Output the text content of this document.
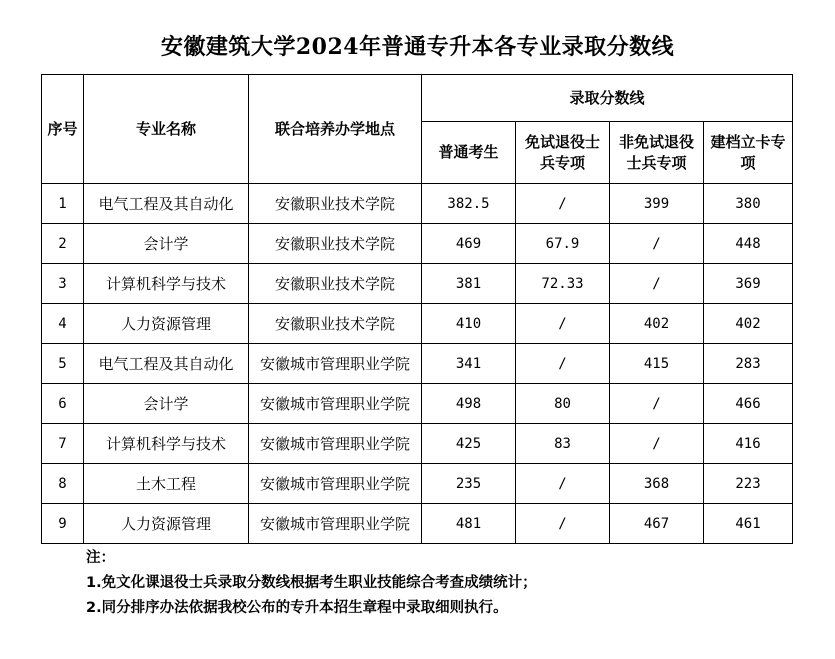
安徽建筑大学2024年普通专升本各专业录取分数线
序号	专业名称	联合培养办学地点	录取分数线			
			普通考生	免试退役士兵专项	非免试退役士兵专项	建档立卡专项
1	电气工程及其自动化	安徽职业技术学院	382.5	/	399	380
2	会计学	安徽职业技术学院	469	67.9	/	448
3	计算机科学与技术	安徽职业技术学院	381	72.33	/	369
4	人力资源管理	安徽职业技术学院	410	/	402	402
5	电气工程及其自动化	安徽城市管理职业学院	341	/	415	283
6	会计学	安徽城市管理职业学院	498	80	/	466
7	计算机科学与技术	安徽城市管理职业学院	425	83	/	416
8	土木工程	安徽城市管理职业学院	235	/	368	223
9	人力资源管理	安徽城市管理职业学院	481	/	467	461
注：
1.免文化课退役士兵录取分数线根据考生职业技能综合考查成绩统计；
2.同分排序办法依据我校公布的专升本招生章程中录取细则执行。
